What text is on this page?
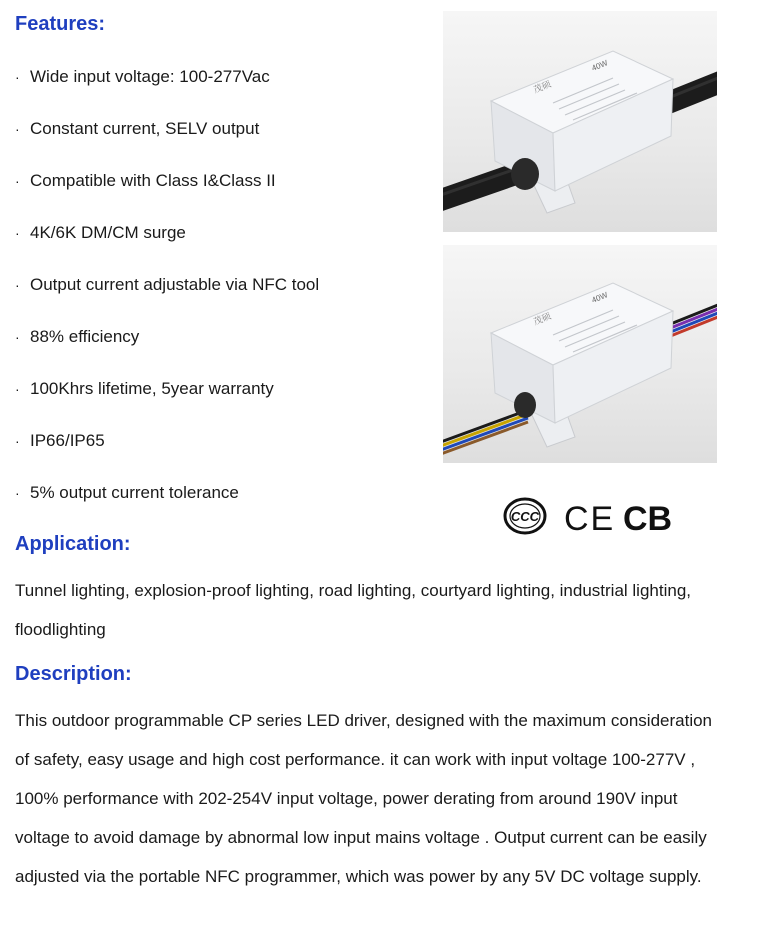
Features:
· Wide input voltage: 100-277Vac
· Constant current, SELV output
· Compatible with Class I&Class II
· 4K/6K DM/CM surge
· Output current adjustable via NFC tool
· 88% efficiency
· 100Khrs lifetime, 5year warranty
· IP66/IP65
· 5% output current tolerance
茂硕
40W
茂硕
40W
CCC CE CB
Application:

Tunnel lighting, explosion-proof lighting, road lighting, courtyard lighting, industrial lighting, floodlighting

Description:

This outdoor programmable CP series LED driver, designed with the maximum consideration of safety, easy usage and high cost performance. it can work with input voltage 100-277V , 100% performance with 202-254V input voltage, power derating from around 190V input voltage to avoid damage by abnormal low input mains voltage . Output current can be easily adjusted via the portable NFC programmer, which was power by any 5V DC voltage supply.
